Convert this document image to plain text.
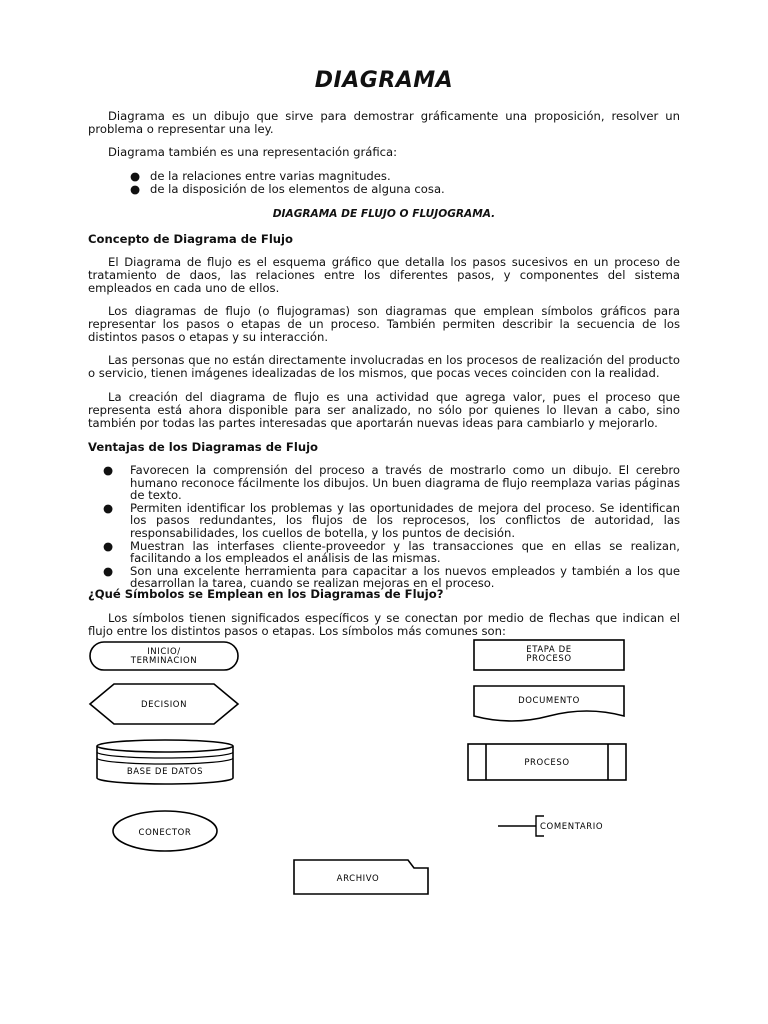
DIAGRAMA
Diagrama es un dibujo que sirve para demostrar gráficamente una proposición, resolver un problema o representar una ley.
Diagrama también es una representación gráfica:
● de la relaciones entre varias magnitudes.
● de la disposición de los elementos de alguna cosa.
DIAGRAMA DE FLUJO O FLUJOGRAMA.
Concepto de Diagrama de Flujo
El Diagrama de flujo es el esquema gráfico que detalla los pasos sucesivos en un proceso de tratamiento de daos, las relaciones entre los diferentes pasos, y componentes del sistema empleados en cada uno de ellos.
Los diagramas de flujo (o flujogramas) son diagramas que emplean símbolos gráficos para representar los pasos o etapas de un proceso. También permiten describir la secuencia de los distintos pasos o etapas y su interacción.
Las personas que no están directamente involucradas en los procesos de realización del producto o servicio, tienen imágenes idealizadas de los mismos, que pocas veces coinciden con la realidad.
La creación del diagrama de flujo es una actividad que agrega valor, pues el proceso que representa está ahora disponible para ser analizado, no sólo por quienes lo llevan a cabo, sino también por todas las partes interesadas que aportarán nuevas ideas para cambiarlo y mejorarlo.
Ventajas de los Diagramas de Flujo
● Favorecen la comprensión del proceso a través de mostrarlo como un dibujo. El cerebro humano reconoce fácilmente los dibujos. Un buen diagrama de flujo reemplaza varias páginas de texto.
● Permiten identificar los problemas y las oportunidades de mejora del proceso. Se identifican los pasos redundantes, los flujos de los reprocesos, los conflictos de autoridad, las responsabilidades, los cuellos de botella, y los puntos de decisión.
● Muestran las interfases cliente-proveedor y las transacciones que en ellas se realizan, facilitando a los empleados el análisis de las mismas.
● Son una excelente herramienta para capacitar a los nuevos empleados y también a los que desarrollan la tarea, cuando se realizan mejoras en el proceso.
¿Qué Símbolos se Emplean en los Diagramas de Flujo?
Los símbolos tienen significados específicos y se conectan por medio de flechas que indican el flujo entre los distintos pasos o etapas. Los símbolos más comunes son:
INICIO/
TERMINACION
ETAPA DE
PROCESO
DECISION	DOCUMENTO
BASE DE DATOS
PROCESO
CONECTOR
COMENTARIO
ARCHIVO
